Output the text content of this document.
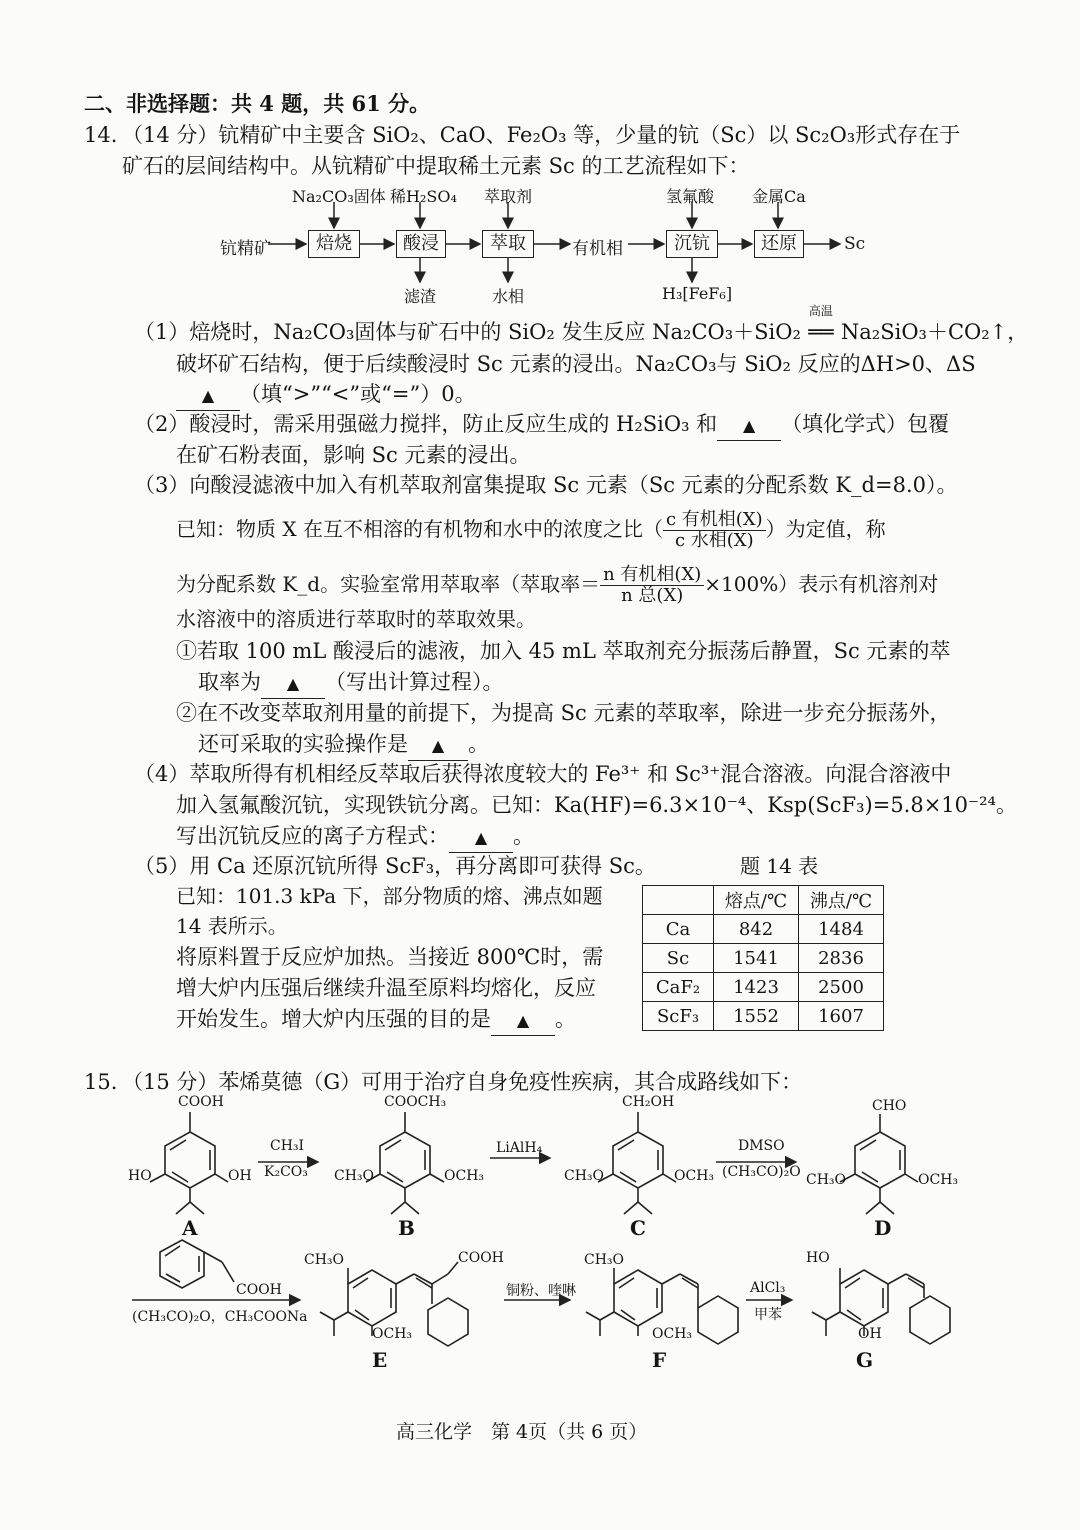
二、非选择题：共 4 题，共 61 分。
14. （14 分）钪精矿中主要含 SiO₂、CaO、Fe₂O₃ 等，少量的钪（Sc）以 Sc₂O₃形式存在于
矿石的层间结构中。从钪精矿中提取稀土元素 Sc 的工艺流程如下：
钪精矿	焙烧	酸浸	萃取	有机相	沉钪	还原	Sc
Na₂CO₃固体 稀H₂SO₄ 萃取剂	氢氟酸 金属Ca
滤渣	水相	H₃[FeF₆]
（1）焙烧时，Na₂CO₃固体与矿石中的 SiO₂ 发生反应 Na₂CO₃＋SiO₂
高温
══ Na₂SiO₃＋CO₂↑，
破坏矿石结构，便于后续酸浸时 Sc 元素的浸出。Na₂CO₃与 SiO₂ 反应的ΔH>0、ΔS
▲ （填“>”“<”或“=”）0。
（2）酸浸时，需采用强磁力搅拌，防止反应生成的 H₂SiO₃ 和 ▲ （填化学式）包覆
在矿石粉表面，影响 Sc 元素的浸出。
（3）向酸浸滤液中加入有机萃取剂富集提取 Sc 元素（Sc 元素的分配系数 K_d=8.0）。
已知：物质 X 在互不相溶的有机物和水中的浓度之比（ $\frac{\text{c 有机相(X)}}{\text{c 水相(X)}}$ ）为定值，称
为分配系数 K_d。实验室常用萃取率（萃取率＝ $\frac{\text{n 有机相(X)}}{\text{n 总(X)}} \times 100\%$）表示有机溶剂对
水溶液中的溶质进行萃取时的萃取效果。
①若取 100 mL 酸浸后的滤液，加入 45 mL 萃取剂充分振荡后静置，Sc 元素的萃
取率为 ▲ （写出计算过程）。
②在不改变萃取剂用量的前提下，为提高 Sc 元素的萃取率，除进一步充分振荡外，
还可采取的实验操作是 ▲ 。
（4）萃取所得有机相经反萃取后获得浓度较大的 Fe³⁺ 和 Sc³⁺混合溶液。向混合溶液中
加入氢氟酸沉钪，实现铁钪分离。已知：Ka(HF)=6.3×10⁻⁴、Ksp(ScF₃)=5.8×10⁻²⁴。
写出沉钪反应的离子方程式： ▲ 。
（5）用 Ca 还原沉钪所得 ScF₃，再分离即可获得 Sc。
已知：101.3 kPa 下，部分物质的熔、沸点如题
14 表所示。
将原料置于反应炉加热。当接近 800℃时，需
增大炉内压强后继续升温至原料均熔化，反应
开始发生。增大炉内压强的目的是 ▲ 。
题 14 表
	熔点/℃	沸点/℃
Ca	842	1484
Sc	1541	2836
CaF₂	1423	2500
ScF₃	1552	1607
15. （15 分）苯烯莫德（G）可用于治疗自身免疫性疾病，其合成路线如下：
COOH
HO	OH
A
CH₃I
K₂CO₃
COOCH₃
CH₃O	OCH₃
B
LiAlH₄
CH₂OH
CH₃O	OCH₃
C
DMSO
(CH₃CO)₂O
CHO
CH₃O	OCH₃
D
COOH
(CH₃CO)₂O，CH₃COONa
CH₃O	COOH
OCH₃
E
铜粉、喹啉
CH₃O
OCH₃
F
AlCl₃
甲苯
HO
OH
G
高三化学　第 4页（共 6 页）
